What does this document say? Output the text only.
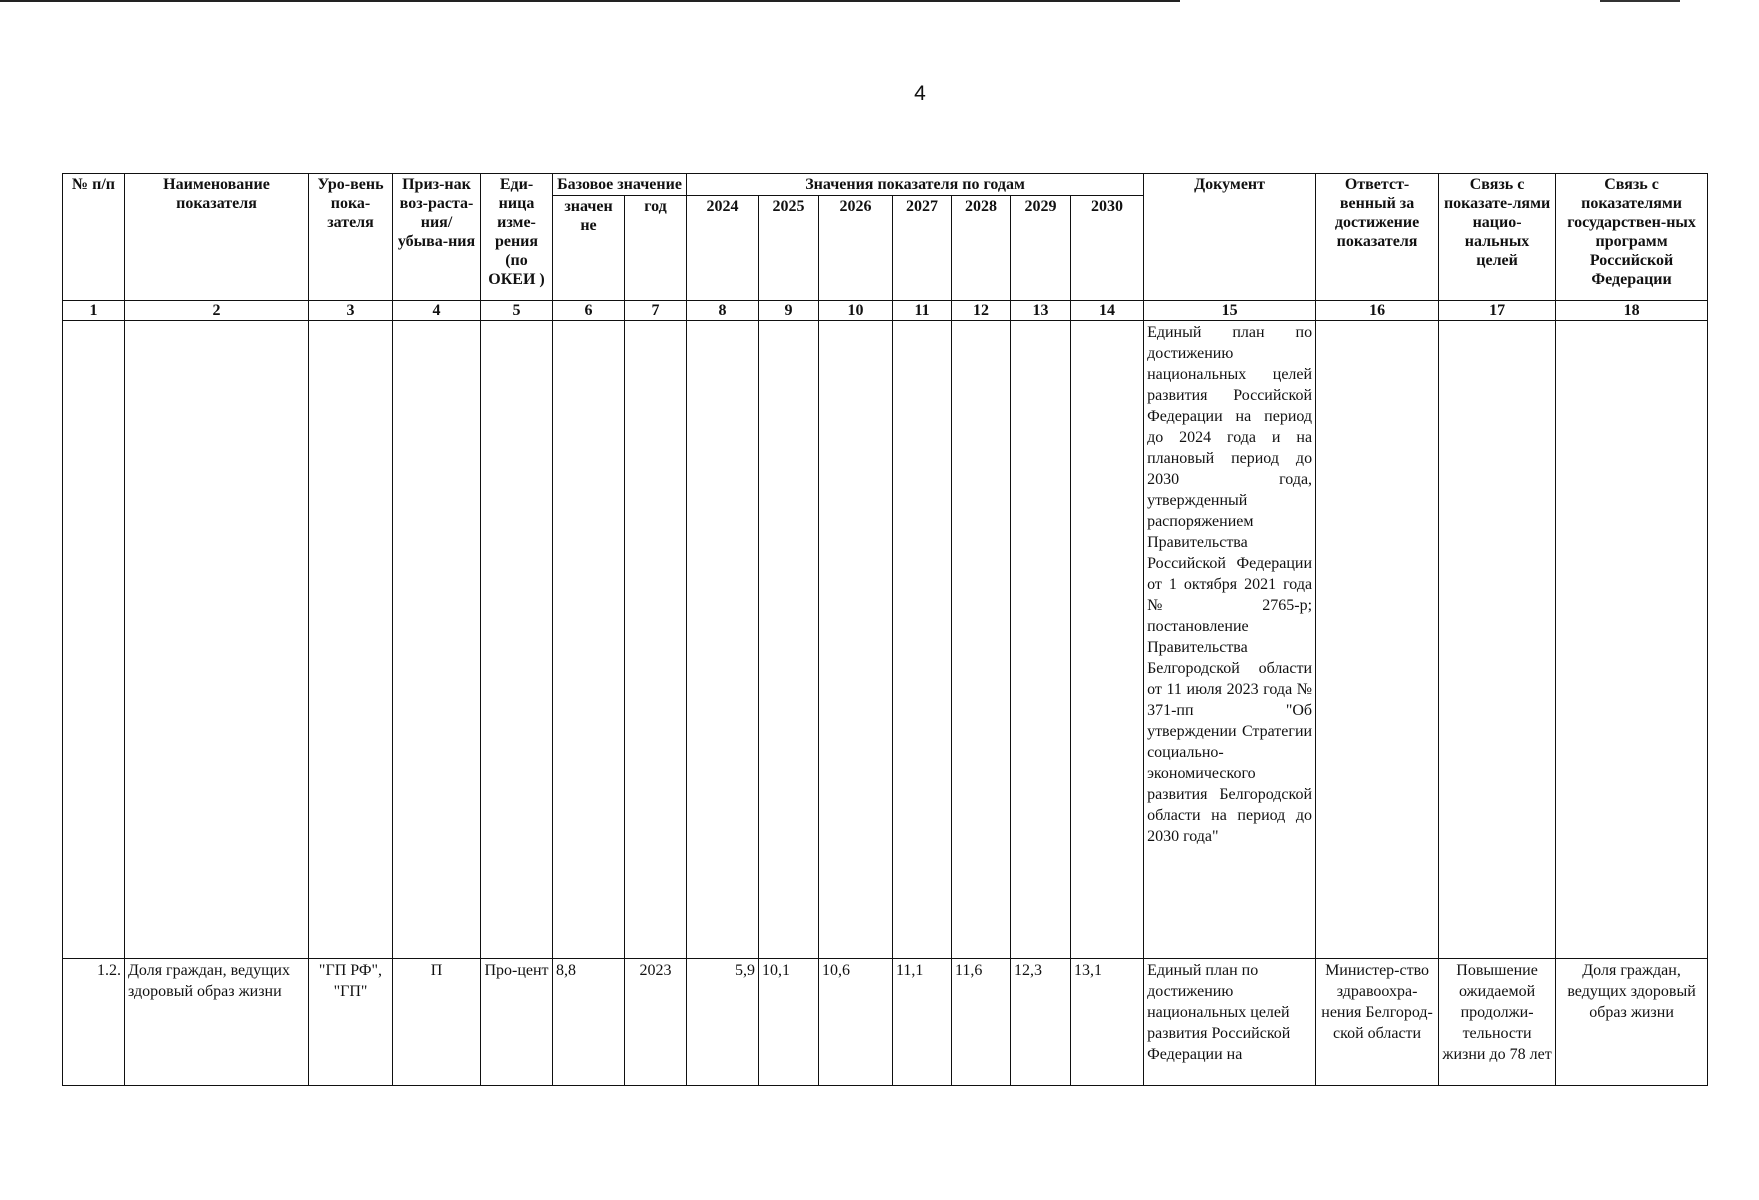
4
№ п/п	Наименование показателя	Уро-вень пока-зателя	Приз-нак воз-раста-ния/ убыва-ния	Еди-ница изме-рения (по ОКЕИ )	Базовое значение		Значения показателя по годам							Документ	Ответст-венный за достижение показателя	Связь с показате-лями нацио-нальных целей	Связь с показателями государствен-ных программ Российской Федерации
					значен не	год	2024	2025	2026	2027	2028	2029	2030				
1	2	3	4	5	6	7	8	9	10	11	12	13	14	15	16	17	18
														Единый план по достижению национальных целей развития Российской Федерации на период до 2024 года и на плановый период до 2030 года, утвержденный распоряжением Правительства Российской Федерации от 1 октября 2021 года № 2765-р; постановление Правительства Белгородской области от 11 июля 2023 года № 371-пп "Об утверждении Стратегии социально-экономического развития Белгородской области на период до 2030 года"			
1.2.	Доля граждан, ведущих здоровый образ жизни	"ГП РФ", "ГП"	П	Про-цент	8,8	2023	5,9	10,1	10,6	11,1	11,6	12,3	13,1	Единый план по достижению национальных целей развития Российской Федерации на	Министер-ство здравоохра-нения Белгород-ской области	Повышение ожидаемой продолжи-тельности жизни до 78 лет	Доля граждан, ведущих здоровый образ жизни
